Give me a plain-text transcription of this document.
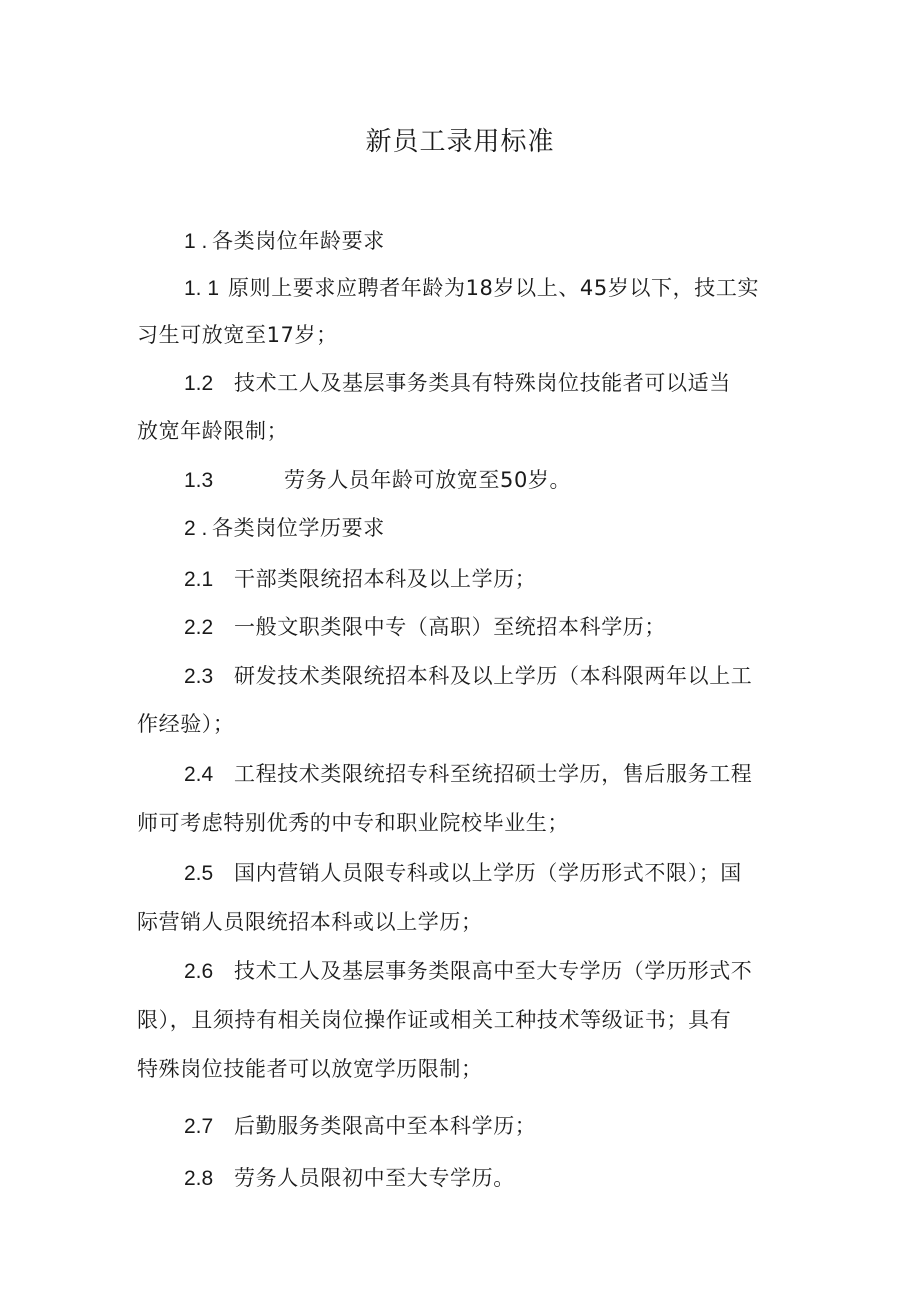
新员工录用标准
1 . 各类岗位年龄要求
1. 1 原则上要求应聘者年龄为18岁以上、45岁以下，技工实
习生可放宽至17岁；
1.2 技术工人及基层事务类具有特殊岗位技能者可以适当
放宽年龄限制；
1.3	劳务人员年龄可放宽至50岁。
2 . 各类岗位学历要求
2.1 干部类限统招本科及以上学历；
2.2 一般文职类限中专（高职）至统招本科学历；
2.3 研发技术类限统招本科及以上学历（本科限两年以上工
作经验）；
2.4 工程技术类限统招专科至统招硕士学历，售后服务工程
师可考虑特别优秀的中专和职业院校毕业生；
2.5 国内营销人员限专科或以上学历（学历形式不限）；国
际营销人员限统招本科或以上学历；
2.6 技术工人及基层事务类限高中至大专学历（学历形式不
限），且须持有相关岗位操作证或相关工种技术等级证书；具有
特殊岗位技能者可以放宽学历限制；
2.7 后勤服务类限高中至本科学历；
2.8 劳务人员限初中至大专学历。
